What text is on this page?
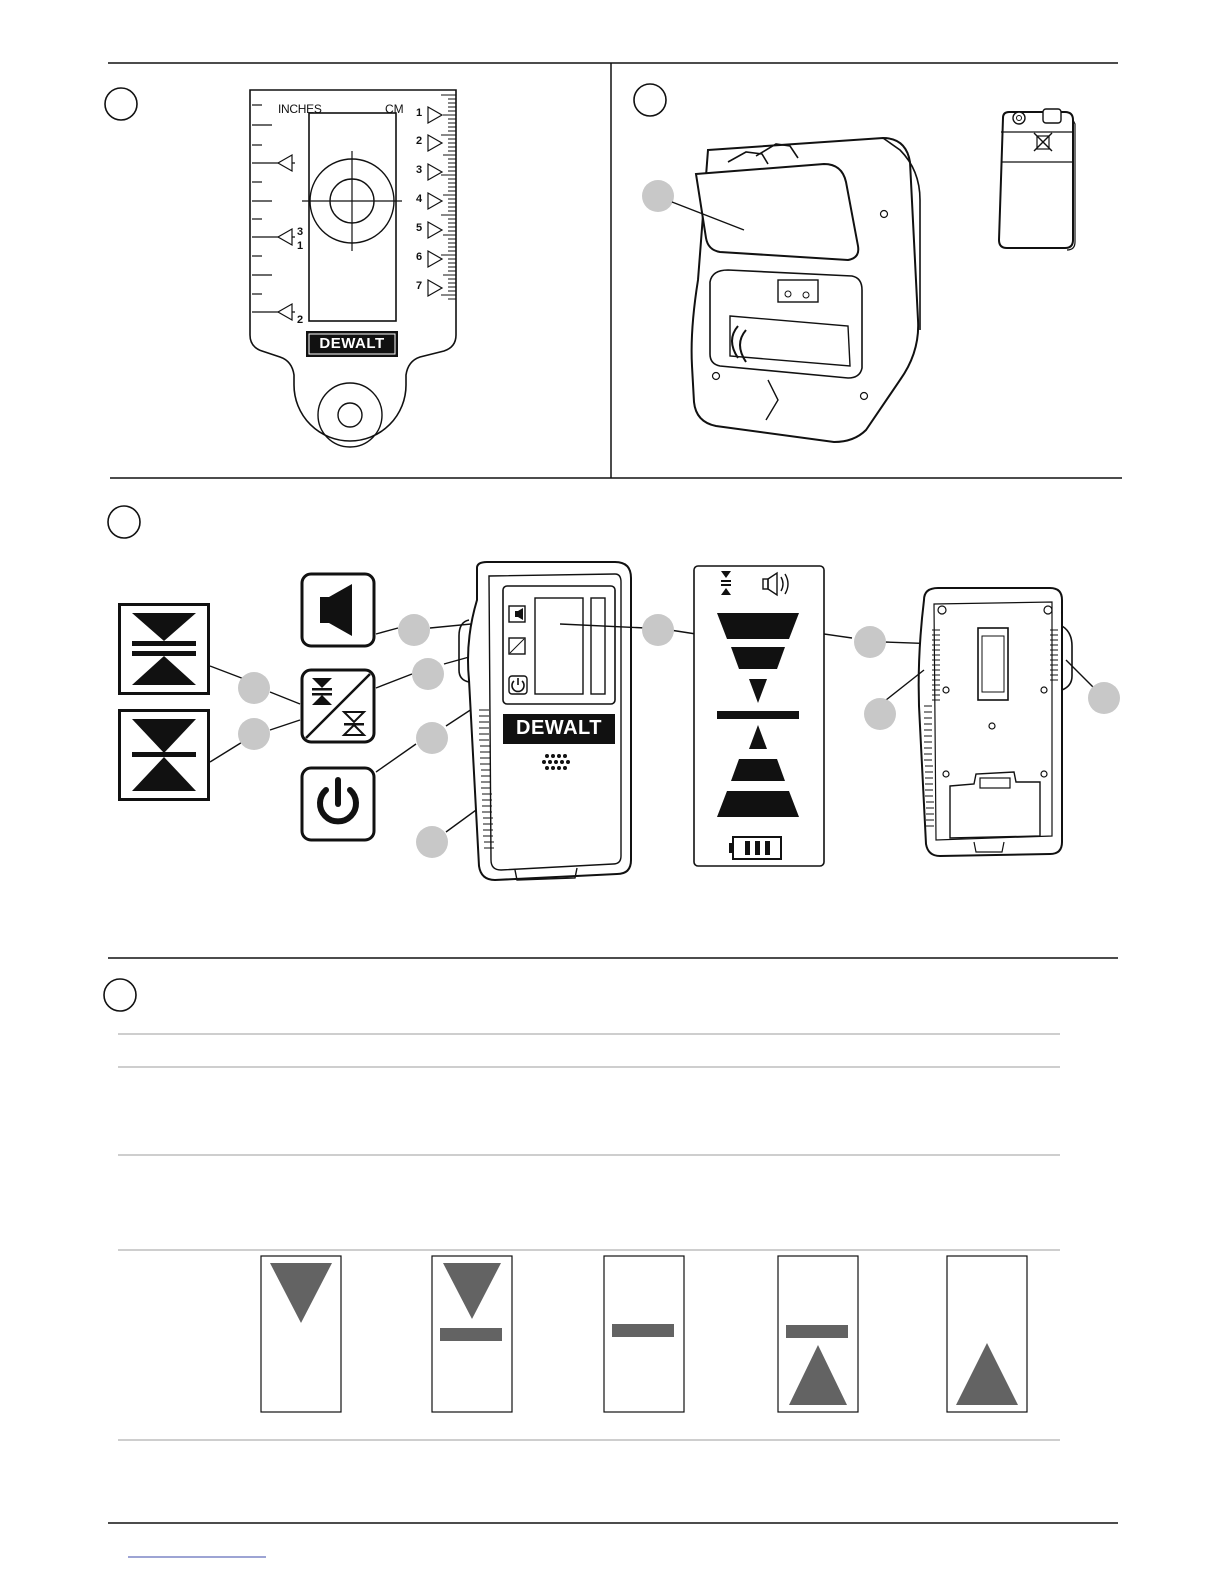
INCHES	CM
1
2
1
2
3
4
5
6
7
DEWALT
3
DEWALT
